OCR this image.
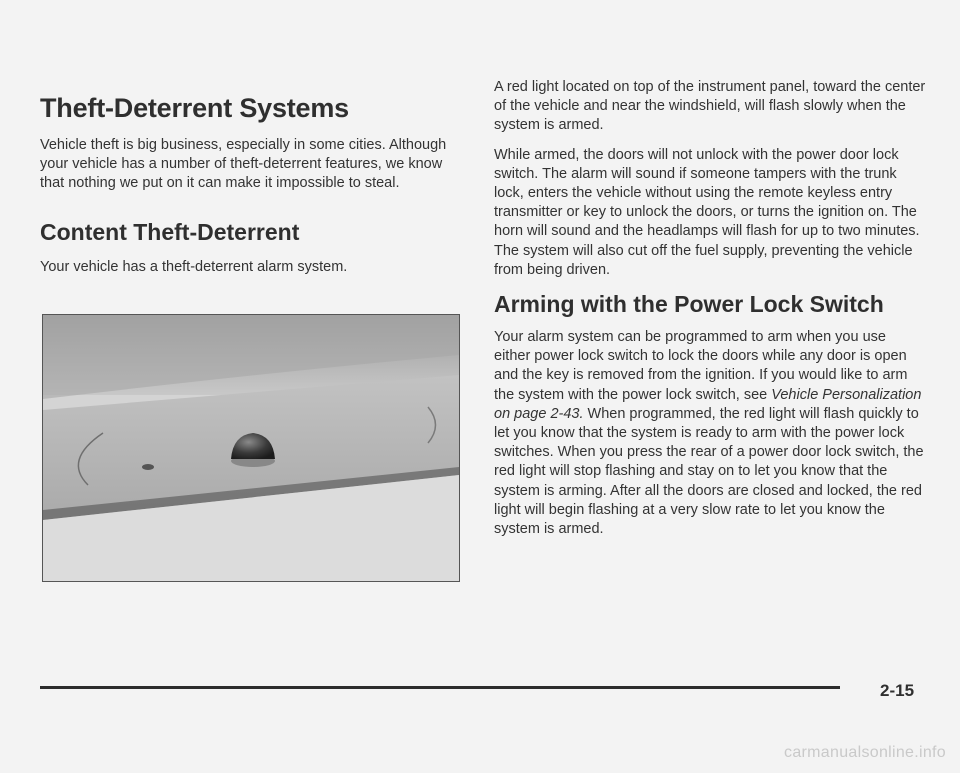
Theft-Deterrent Systems

Vehicle theft is big business, especially in some cities. Although your vehicle has a number of theft-deterrent features, we know that nothing we put on it can make it impossible to steal.

Content Theft-Deterrent

Your vehicle has a theft-deterrent alarm system.

A red light located on top of the instrument panel, toward the center of the vehicle and near the windshield, will flash slowly when the system is armed.

While armed, the doors will not unlock with the power door lock switch. The alarm will sound if someone tampers with the trunk lock, enters the vehicle without using the remote keyless entry transmitter or key to unlock the doors, or turns the ignition on. The horn will sound and the headlamps will flash for up to two minutes. The system will also cut off the fuel supply, preventing the vehicle from being driven.

Arming with the Power Lock Switch

Your alarm system can be programmed to arm when you use either power lock switch to lock the doors while any door is open and the key is removed from the ignition. If you would like to arm the system with the power lock switch, see Vehicle Personalization on page 2-43. When programmed, the red light will flash quickly to let you know that the system is ready to arm with the power lock switches. When you press the rear of a power door lock switch, the red light will stop flashing and stay on to let you know that the system is arming. After all the doors are closed and locked, the red light will begin flashing at a very slow rate to let you know the system is armed.

2-15
carmanualsonline.info
